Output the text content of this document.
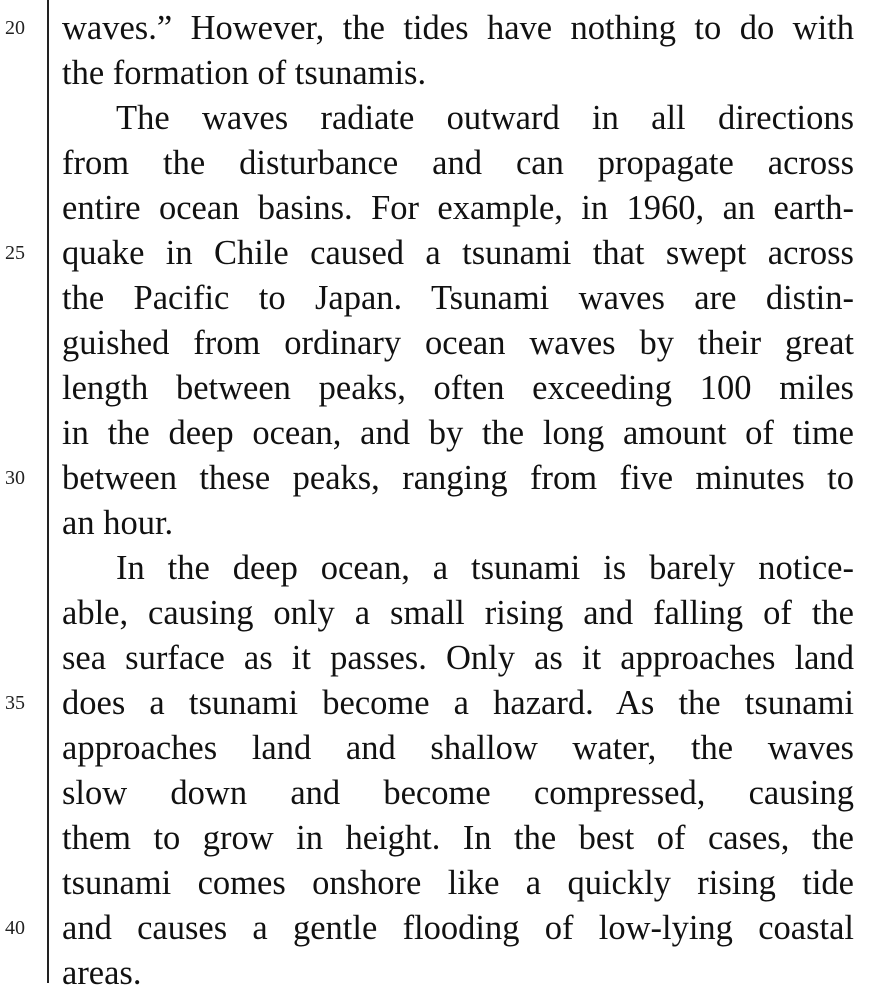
20
25
30
35
40
waves.” However, the tides have nothing to do with
the formation of tsunamis.
The waves radiate outward in all directions
from the disturbance and can propagate across
entire ocean basins. For example, in 1960, an earth-
quake in Chile caused a tsunami that swept across
the Pacific to Japan. Tsunami waves are distin-
guished from ordinary ocean waves by their great
length between peaks, often exceeding 100 miles
in the deep ocean, and by the long amount of time
between these peaks, ranging from five minutes to
an hour.
In the deep ocean, a tsunami is barely notice-
able, causing only a small rising and falling of the
sea surface as it passes. Only as it approaches land
does a tsunami become a hazard. As the tsunami
approaches land and shallow water, the waves
slow down and become compressed, causing
them to grow in height. In the best of cases, the
tsunami comes onshore like a quickly rising tide
and causes a gentle flooding of low-lying coastal
areas.
